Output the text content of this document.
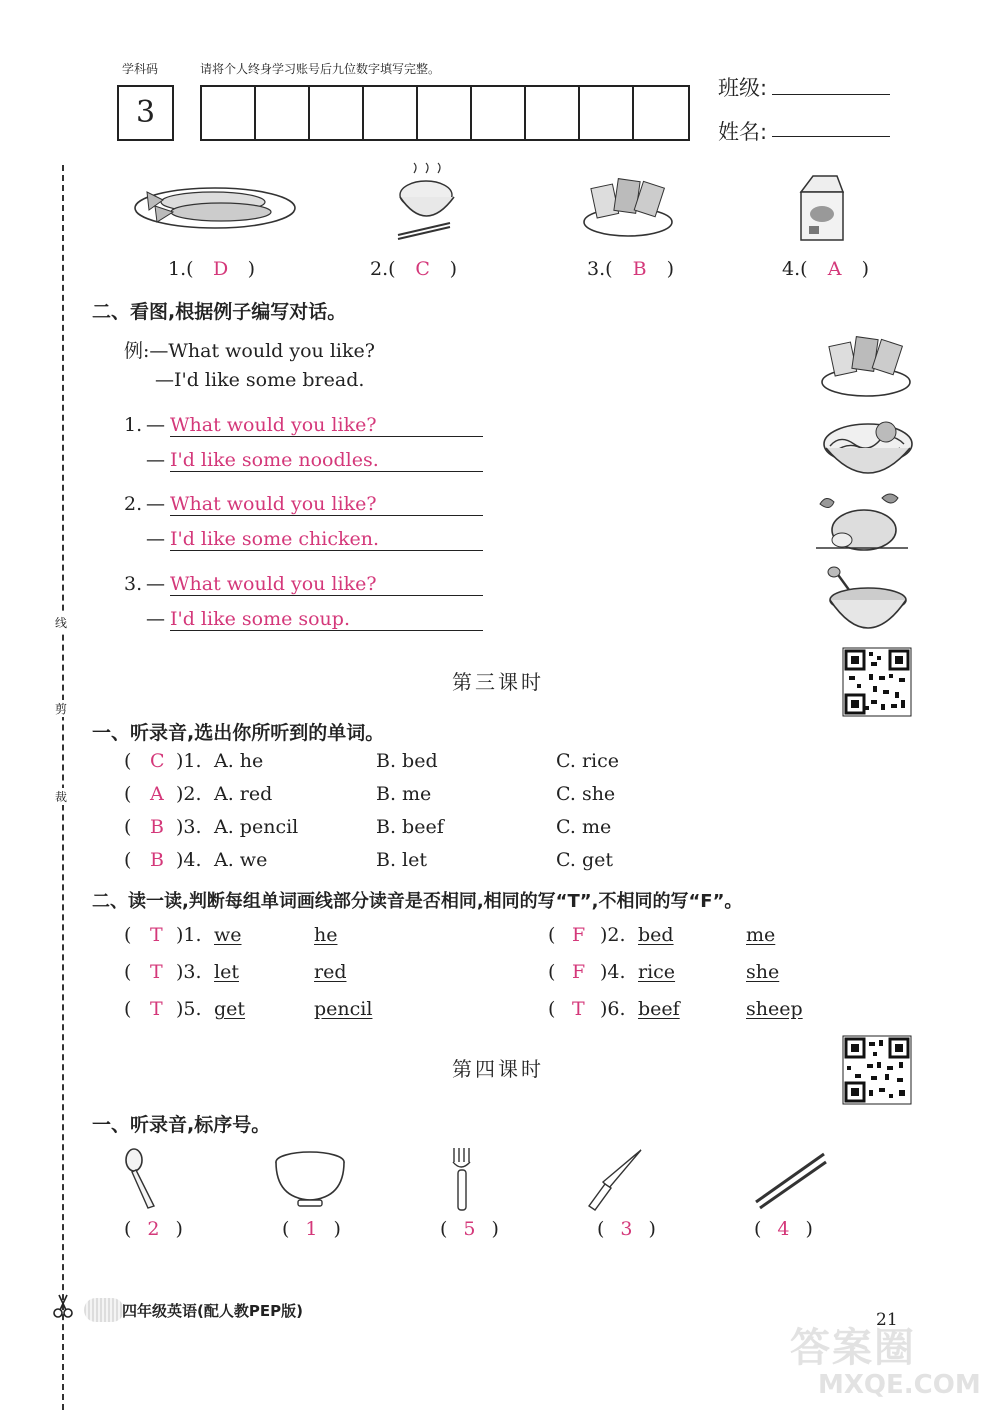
学科码	请将个人终身学习账号后九位数字填写完整。
3
班级:
姓名:
线
剪
裁
1.( D )	2.( C )	3.( B )	4.( A )
二、看图,根据例子编写对话。
例:—What would you like?
—I'd like some bread.
1. — What would you like?
— I'd like some noodles.
2. — What would you like?
— I'd like some chicken.
3. — What would you like?
— I'd like some soup.
第三课时
一、听录音,选出你所听到的单词。
( C )1. A. he	B. bed	C. rice
( A )2. A. red	B. me	C. she
( B )3. A. pencil	B. beef	C. me
( B )4. A. we	B. let	C. get
二、读一读,判断每组单词画线部分读音是否相同,相同的写“T”,不相同的写“F”。
( T )1. we	he	( F )2. bed	me
( T )3. let	red	( F )4. rice	she
( T )5. get	pencil	( T )6. beef	sheep
第四课时
一、听录音,标序号。
( 2 )	( 1 )	( 5 )	( 3 )	( 4 )
四年级英语(配人教PEP版)	21
答案圈
MXQE.COM
